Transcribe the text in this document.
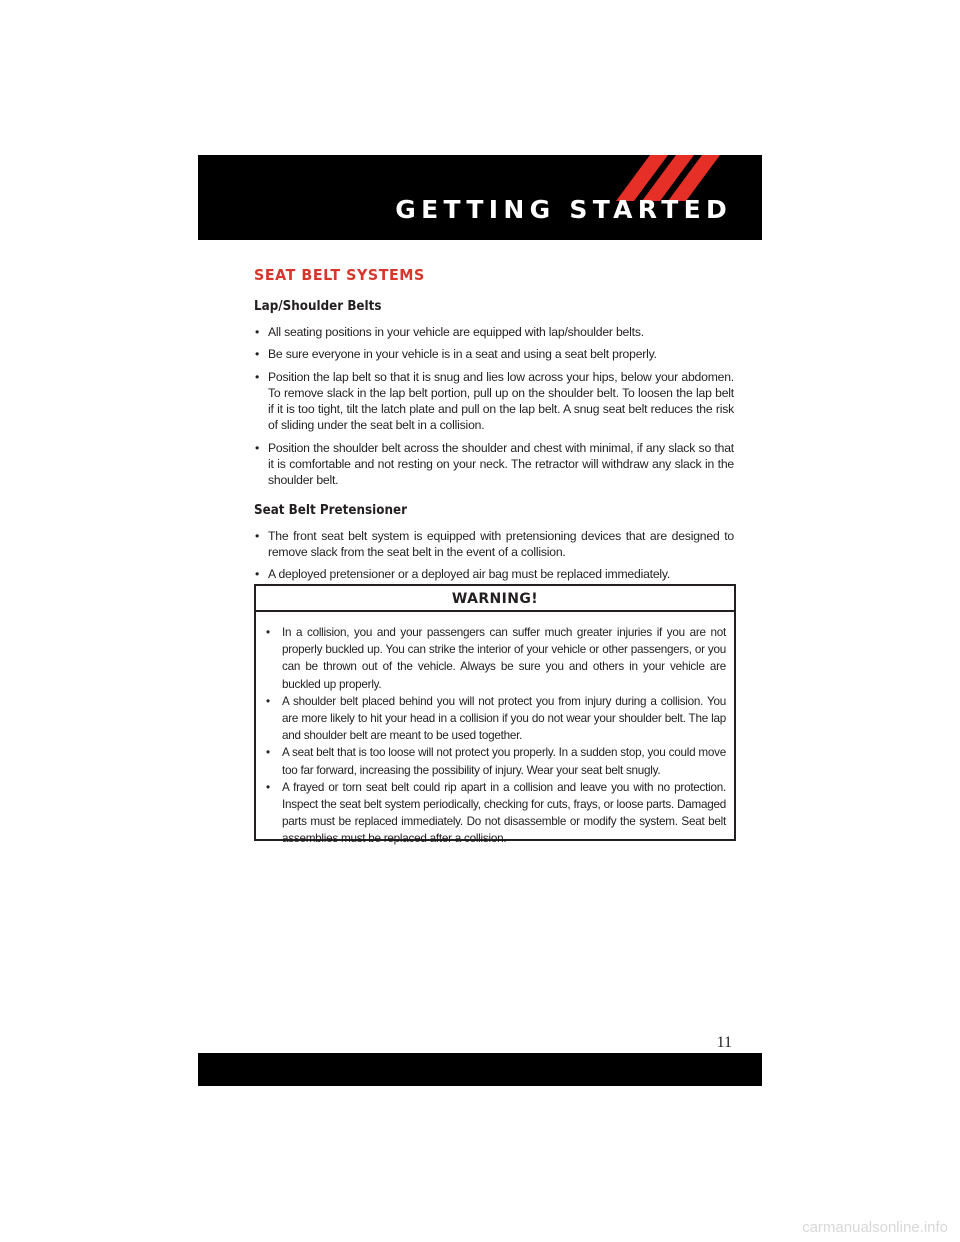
GETTING STARTED
SEAT BELT SYSTEMS
Lap/Shoulder Belts
• All seating positions in your vehicle are equipped with lap/shoulder belts.
• Be sure everyone in your vehicle is in a seat and using a seat belt properly.
• Position the lap belt so that it is snug and lies low across your hips, below your abdomen. To remove slack in the lap belt portion, pull up on the shoulder belt. To loosen the lap belt if it is too tight, tilt the latch plate and pull on the lap belt. A snug seat belt reduces the risk of sliding under the seat belt in a collision.
• Position the shoulder belt across the shoulder and chest with minimal, if any slack so that it is comfortable and not resting on your neck. The retractor will withdraw any slack in the shoulder belt.
Seat Belt Pretensioner
• The front seat belt system is equipped with pretensioning devices that are designed to remove slack from the seat belt in the event of a collision.
• A deployed pretensioner or a deployed air bag must be replaced immediately.
WARNING!
• In a collision, you and your passengers can suffer much greater injuries if you are not properly buckled up. You can strike the interior of your vehicle or other passengers, or you can be thrown out of the vehicle. Always be sure you and others in your vehicle are buckled up properly.
• A shoulder belt placed behind you will not protect you from injury during a collision. You are more likely to hit your head in a collision if you do not wear your shoulder belt. The lap and shoulder belt are meant to be used together.
• A seat belt that is too loose will not protect you properly. In a sudden stop, you could move too far forward, increasing the possibility of injury. Wear your seat belt snugly.
• A frayed or torn seat belt could rip apart in a collision and leave you with no protection. Inspect the seat belt system periodically, checking for cuts, frays, or loose parts. Damaged parts must be replaced immediately. Do not disassemble or modify the system. Seat belt assemblies must be replaced after a collision.
11
carmanualsonline.info
